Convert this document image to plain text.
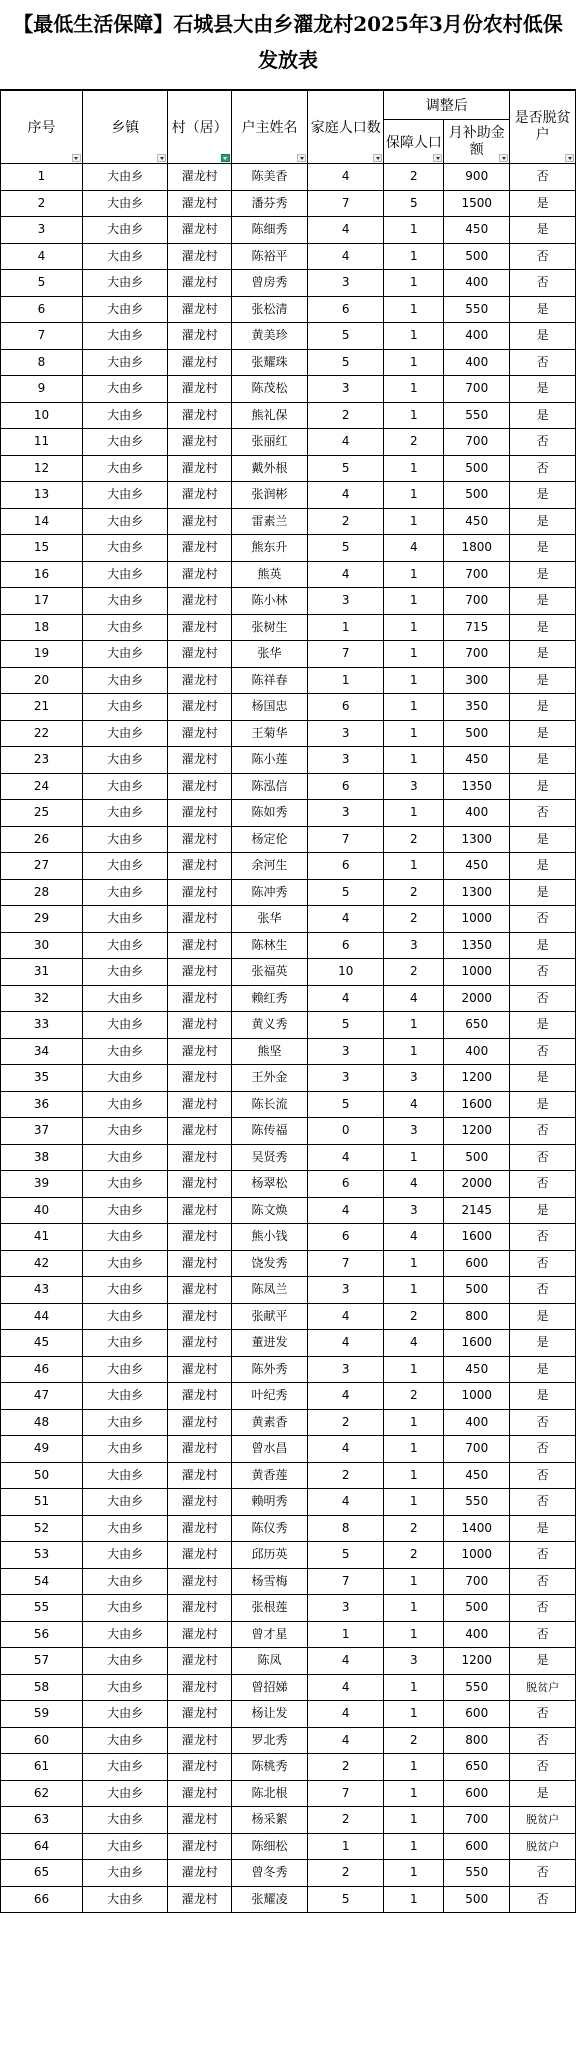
【最低生活保障】石城县大由乡濯龙村2025年3月份农村低保发放表
序号	乡镇	村（居）	户主姓名	家庭人口数	调整后		是否脱贫户

					保障人口	月补助金额	

1	大由乡	濯龙村	陈美香	4	2	900	否
2	大由乡	濯龙村	潘芬秀	7	5	1500	是
3	大由乡	濯龙村	陈细秀	4	1	450	是
4	大由乡	濯龙村	陈裕平	4	1	500	否
5	大由乡	濯龙村	曾房秀	3	1	400	否
6	大由乡	濯龙村	张松清	6	1	550	是
7	大由乡	濯龙村	黄美珍	5	1	400	是
8	大由乡	濯龙村	张耀珠	5	1	400	否
9	大由乡	濯龙村	陈茂松	3	1	700	是
10	大由乡	濯龙村	熊礼保	2	1	550	是
11	大由乡	濯龙村	张丽红	4	2	700	否
12	大由乡	濯龙村	戴外根	5	1	500	否
13	大由乡	濯龙村	张润彬	4	1	500	是
14	大由乡	濯龙村	雷素兰	2	1	450	是
15	大由乡	濯龙村	熊东升	5	4	1800	是
16	大由乡	濯龙村	熊英	4	1	700	是
17	大由乡	濯龙村	陈小林	3	1	700	是
18	大由乡	濯龙村	张树生	1	1	715	是
19	大由乡	濯龙村	张华	7	1	700	是
20	大由乡	濯龙村	陈祥春	1	1	300	是
21	大由乡	濯龙村	杨国忠	6	1	350	是
22	大由乡	濯龙村	王菊华	3	1	500	是
23	大由乡	濯龙村	陈小莲	3	1	450	是
24	大由乡	濯龙村	陈泓信	6	3	1350	是
25	大由乡	濯龙村	陈如秀	3	1	400	否
26	大由乡	濯龙村	杨定伦	7	2	1300	是
27	大由乡	濯龙村	余河生	6	1	450	是
28	大由乡	濯龙村	陈冲秀	5	2	1300	是
29	大由乡	濯龙村	张华	4	2	1000	否
30	大由乡	濯龙村	陈林生	6	3	1350	是
31	大由乡	濯龙村	张福英	10	2	1000	否
32	大由乡	濯龙村	赖红秀	4	4	2000	否
33	大由乡	濯龙村	黄义秀	5	1	650	是
34	大由乡	濯龙村	熊坚	3	1	400	否
35	大由乡	濯龙村	王外金	3	3	1200	是
36	大由乡	濯龙村	陈长流	5	4	1600	是
37	大由乡	濯龙村	陈传福	0	3	1200	否
38	大由乡	濯龙村	吴贤秀	4	1	500	否
39	大由乡	濯龙村	杨翠松	6	4	2000	否
40	大由乡	濯龙村	陈文焕	4	3	2145	是
41	大由乡	濯龙村	熊小钱	6	4	1600	否
42	大由乡	濯龙村	饶发秀	7	1	600	否
43	大由乡	濯龙村	陈凤兰	3	1	500	否
44	大由乡	濯龙村	张献平	4	2	800	是
45	大由乡	濯龙村	董进发	4	4	1600	是
46	大由乡	濯龙村	陈外秀	3	1	450	是
47	大由乡	濯龙村	叶纪秀	4	2	1000	是
48	大由乡	濯龙村	黄素香	2	1	400	否
49	大由乡	濯龙村	曾水昌	4	1	700	否
50	大由乡	濯龙村	黄香莲	2	1	450	否
51	大由乡	濯龙村	赖明秀	4	1	550	否
52	大由乡	濯龙村	陈仪秀	8	2	1400	是
53	大由乡	濯龙村	邱历英	5	2	1000	否
54	大由乡	濯龙村	杨雪梅	7	1	700	否
55	大由乡	濯龙村	张根莲	3	1	500	否
56	大由乡	濯龙村	曾才星	1	1	400	否
57	大由乡	濯龙村	陈凤	4	3	1200	是
58	大由乡	濯龙村	曾招娣	4	1	550	脱贫户
59	大由乡	濯龙村	杨让发	4	1	600	否
60	大由乡	濯龙村	罗北秀	4	2	800	否
61	大由乡	濯龙村	陈桃秀	2	1	650	否
62	大由乡	濯龙村	陈北根	7	1	600	是
63	大由乡	濯龙村	杨采絮	2	1	700	脱贫户
64	大由乡	濯龙村	陈细松	1	1	600	脱贫户
65	大由乡	濯龙村	曾冬秀	2	1	550	否
66	大由乡	濯龙村	张耀凌	5	1	500	否
